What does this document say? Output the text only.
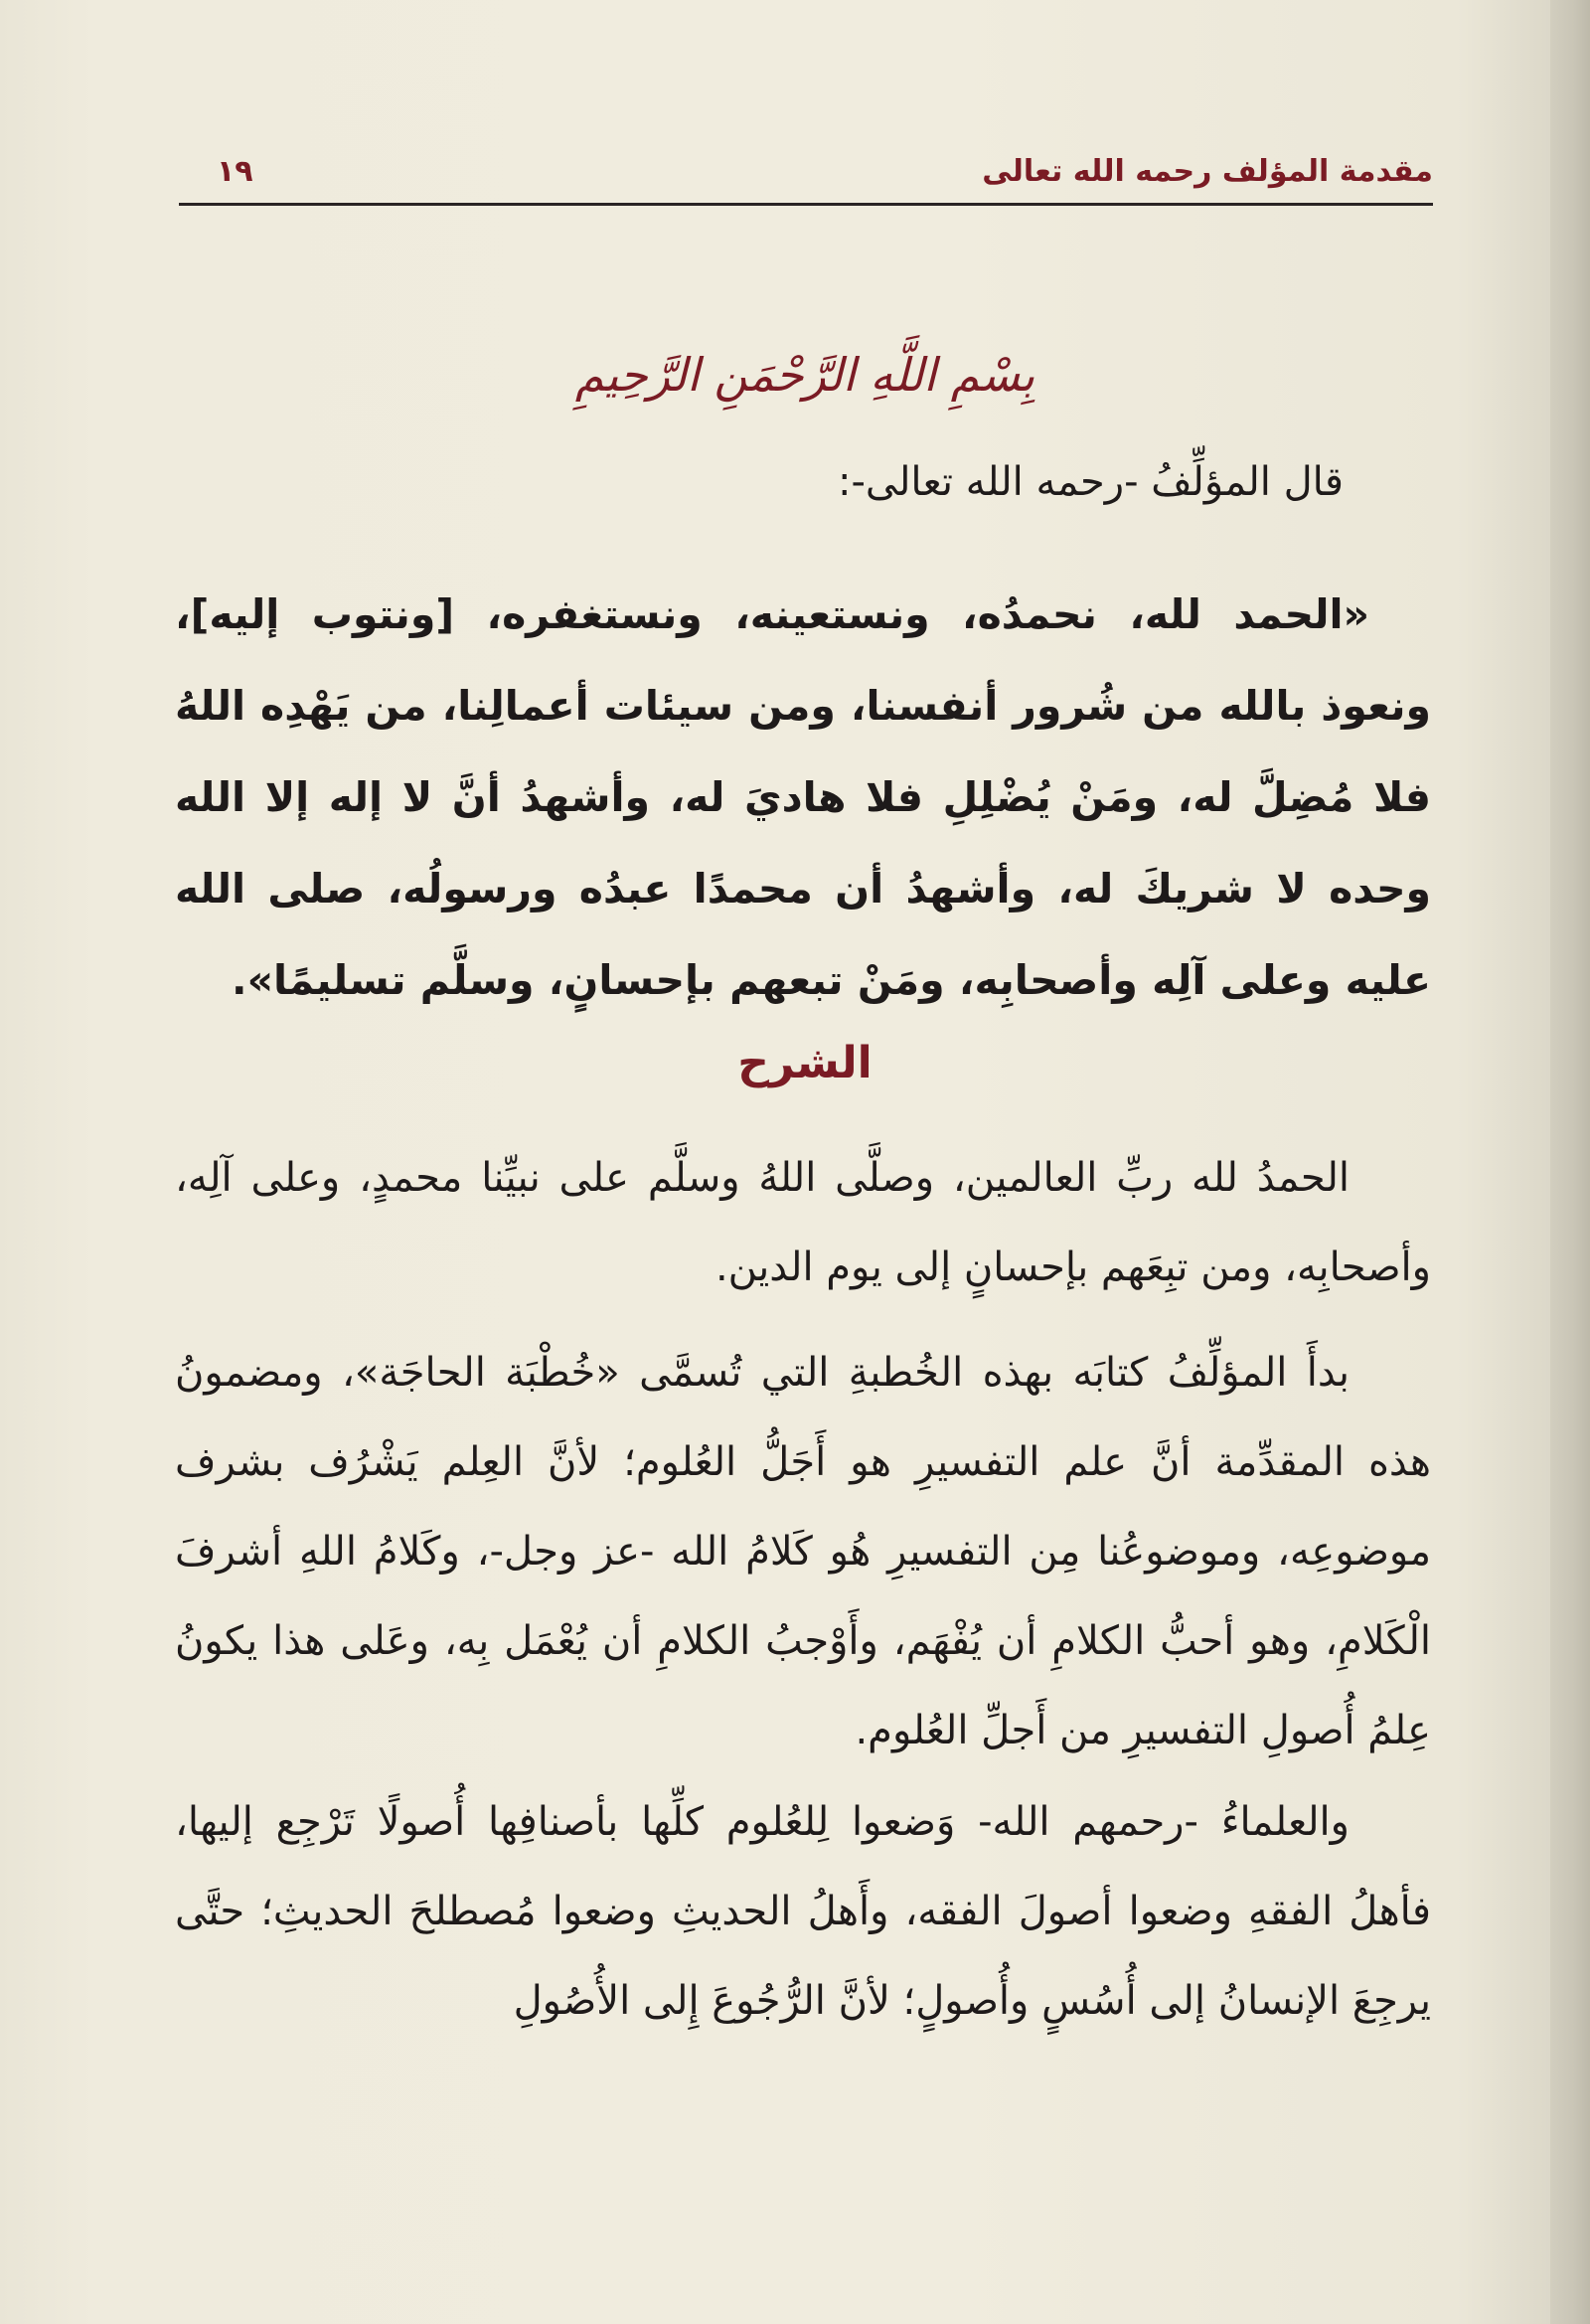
مقدمة المؤلف رحمه الله تعالى
١٩
بِسْمِ اللَّهِ الرَّحْمَنِ الرَّحِيمِ
قال المؤلِّفُ -رحمه الله تعالى-:
«الحمد لله، نحمدُه، ونستعينه، ونستغفره، [ونتوب إليه]، ونعوذ بالله من شُرور أنفسنا، ومن سيئات أعمالِنا، من يَهْدِه اللهُ فلا مُضِلَّ له، ومَنْ يُضْلِلِ فلا هاديَ له، وأشهدُ أنَّ لا إله إلا الله وحده لا شريكَ له، وأشهدُ أن محمدًا عبدُه ورسولُه، صلى الله عليه وعلى آلِه وأصحابِه، ومَنْ تبعهم بإحسانٍ، وسلَّم تسليمًا».
الشرح
الحمدُ لله ربِّ العالمين، وصلَّى اللهُ وسلَّم على نبيِّنا محمدٍ، وعلى آلِه، وأصحابِه، ومن تبِعَهم بإحسانٍ إلى يوم الدين.
بدأَ المؤلِّفُ كتابَه بهذه الخُطبةِ التي تُسمَّى «خُطْبَة الحاجَة»، ومضمونُ هذه المقدِّمة أنَّ علم التفسيرِ هو أَجَلُّ العُلوم؛ لأنَّ العِلم يَشْرُف بشرف موضوعِه، وموضوعُنا مِن التفسيرِ هُو كَلامُ الله -عز وجل-، وكَلامُ اللهِ أشرفَ الْكَلامِ، وهو أحبُّ الكلامِ أن يُفْهَم، وأَوْجبُ الكلامِ أن يُعْمَل بِه، وعَلى هذا يكونُ عِلمُ أُصولِ التفسيرِ من أَجلِّ العُلوم.
والعلماءُ -رحمهم الله- وَضعوا لِلعُلوم كلِّها بأصنافِها أُصولًا تَرْجِع إليها، فأهلُ الفقهِ وضعوا أصولَ الفقه، وأَهلُ الحديثِ وضعوا مُصطلحَ الحديثِ؛ حتَّى يرجِعَ الإنسانُ إلى أُسُسٍ وأُصولٍ؛ لأنَّ الرُّجُوعَ إِلى الأُصُولِ
